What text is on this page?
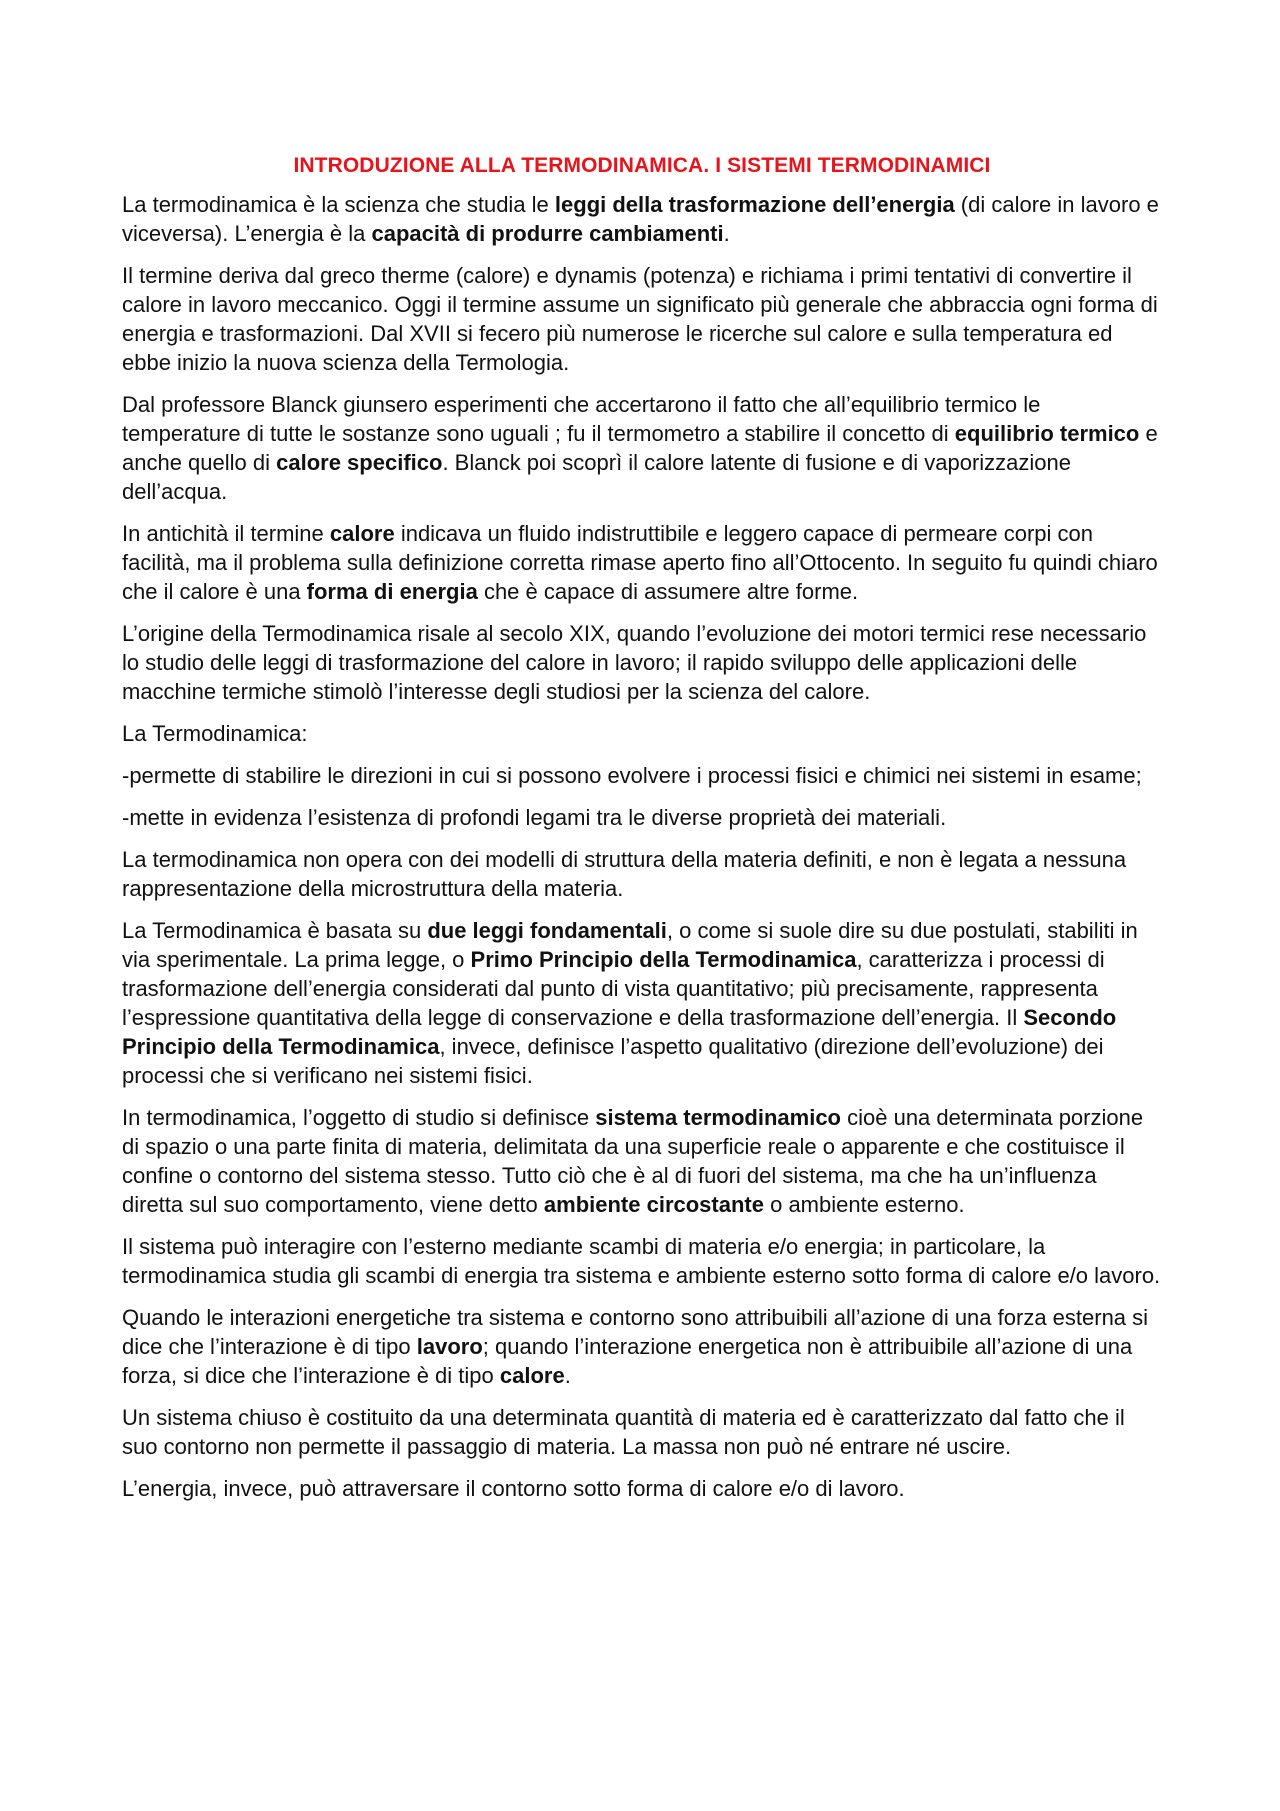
INTRODUZIONE ALLA TERMODINAMICA. I SISTEMI TERMODINAMICI

La termodinamica è la scienza che studia le leggi della trasformazione dell’energia (di calore in lavoro e viceversa). L’energia è la capacità di produrre cambiamenti.

Il termine deriva dal greco therme (calore) e dynamis (potenza) e richiama i primi tentativi di convertire il calore in lavoro meccanico. Oggi il termine assume un significato più generale che abbraccia ogni forma di energia e trasformazioni. Dal XVII si fecero più numerose le ricerche sul calore e sulla temperatura ed ebbe inizio la nuova scienza della Termologia.

Dal professore Blanck giunsero esperimenti che accertarono il fatto che all’equilibrio termico le temperature di tutte le sostanze sono uguali ; fu il termometro a stabilire il concetto di equilibrio termico e anche quello di calore specifico. Blanck poi scoprì il calore latente di fusione e di vaporizzazione dell’acqua.

In antichità il termine calore indicava un fluido indistruttibile e leggero capace di permeare corpi con facilità, ma il problema sulla definizione corretta rimase aperto fino all’Ottocento. In seguito fu quindi chiaro che il calore è una forma di energia che è capace di assumere altre forme.

L’origine della Termodinamica risale al secolo XIX, quando l’evoluzione dei motori termici rese necessario lo studio delle leggi di trasformazione del calore in lavoro; il rapido sviluppo delle applicazioni delle macchine termiche stimolò l’interesse degli studiosi per la scienza del calore.

La Termodinamica:

-permette di stabilire le direzioni in cui si possono evolvere i processi fisici e chimici nei sistemi in esame;

-mette in evidenza l’esistenza di profondi legami tra le diverse proprietà dei materiali.

La termodinamica non opera con dei modelli di struttura della materia definiti, e non è legata a nessuna rappresentazione della microstruttura della materia.

La Termodinamica è basata su due leggi fondamentali, o come si suole dire su due postulati, stabiliti in via sperimentale. La prima legge, o Primo Principio della Termodinamica, caratterizza i processi di trasformazione dell’energia considerati dal punto di vista quantitativo; più precisamente, rappresenta l’espressione quantitativa della legge di conservazione e della trasformazione dell’energia. Il Secondo Principio della Termodinamica, invece, definisce l’aspetto qualitativo (direzione dell’evoluzione) dei processi che si verificano nei sistemi fisici.

In termodinamica, l’oggetto di studio si definisce sistema termodinamico cioè una determinata porzione di spazio o una parte finita di materia, delimitata da una superficie reale o apparente e che costituisce il confine o contorno del sistema stesso. Tutto ciò che è al di fuori del sistema, ma che ha un’influenza diretta sul suo comportamento, viene detto ambiente circostante o ambiente esterno.

Il sistema può interagire con l’esterno mediante scambi di materia e/o energia; in particolare, la termodinamica studia gli scambi di energia tra sistema e ambiente esterno sotto forma di calore e/o lavoro.

Quando le interazioni energetiche tra sistema e contorno sono attribuibili all’azione di una forza esterna si dice che l’interazione è di tipo lavoro; quando l’interazione energetica non è attribuibile all’azione di una forza, si dice che l’interazione è di tipo calore.

Un sistema chiuso è costituito da una determinata quantità di materia ed è caratterizzato dal fatto che il suo contorno non permette il passaggio di materia. La massa non può né entrare né uscire.

L’energia, invece, può attraversare il contorno sotto forma di calore e/o di lavoro.
